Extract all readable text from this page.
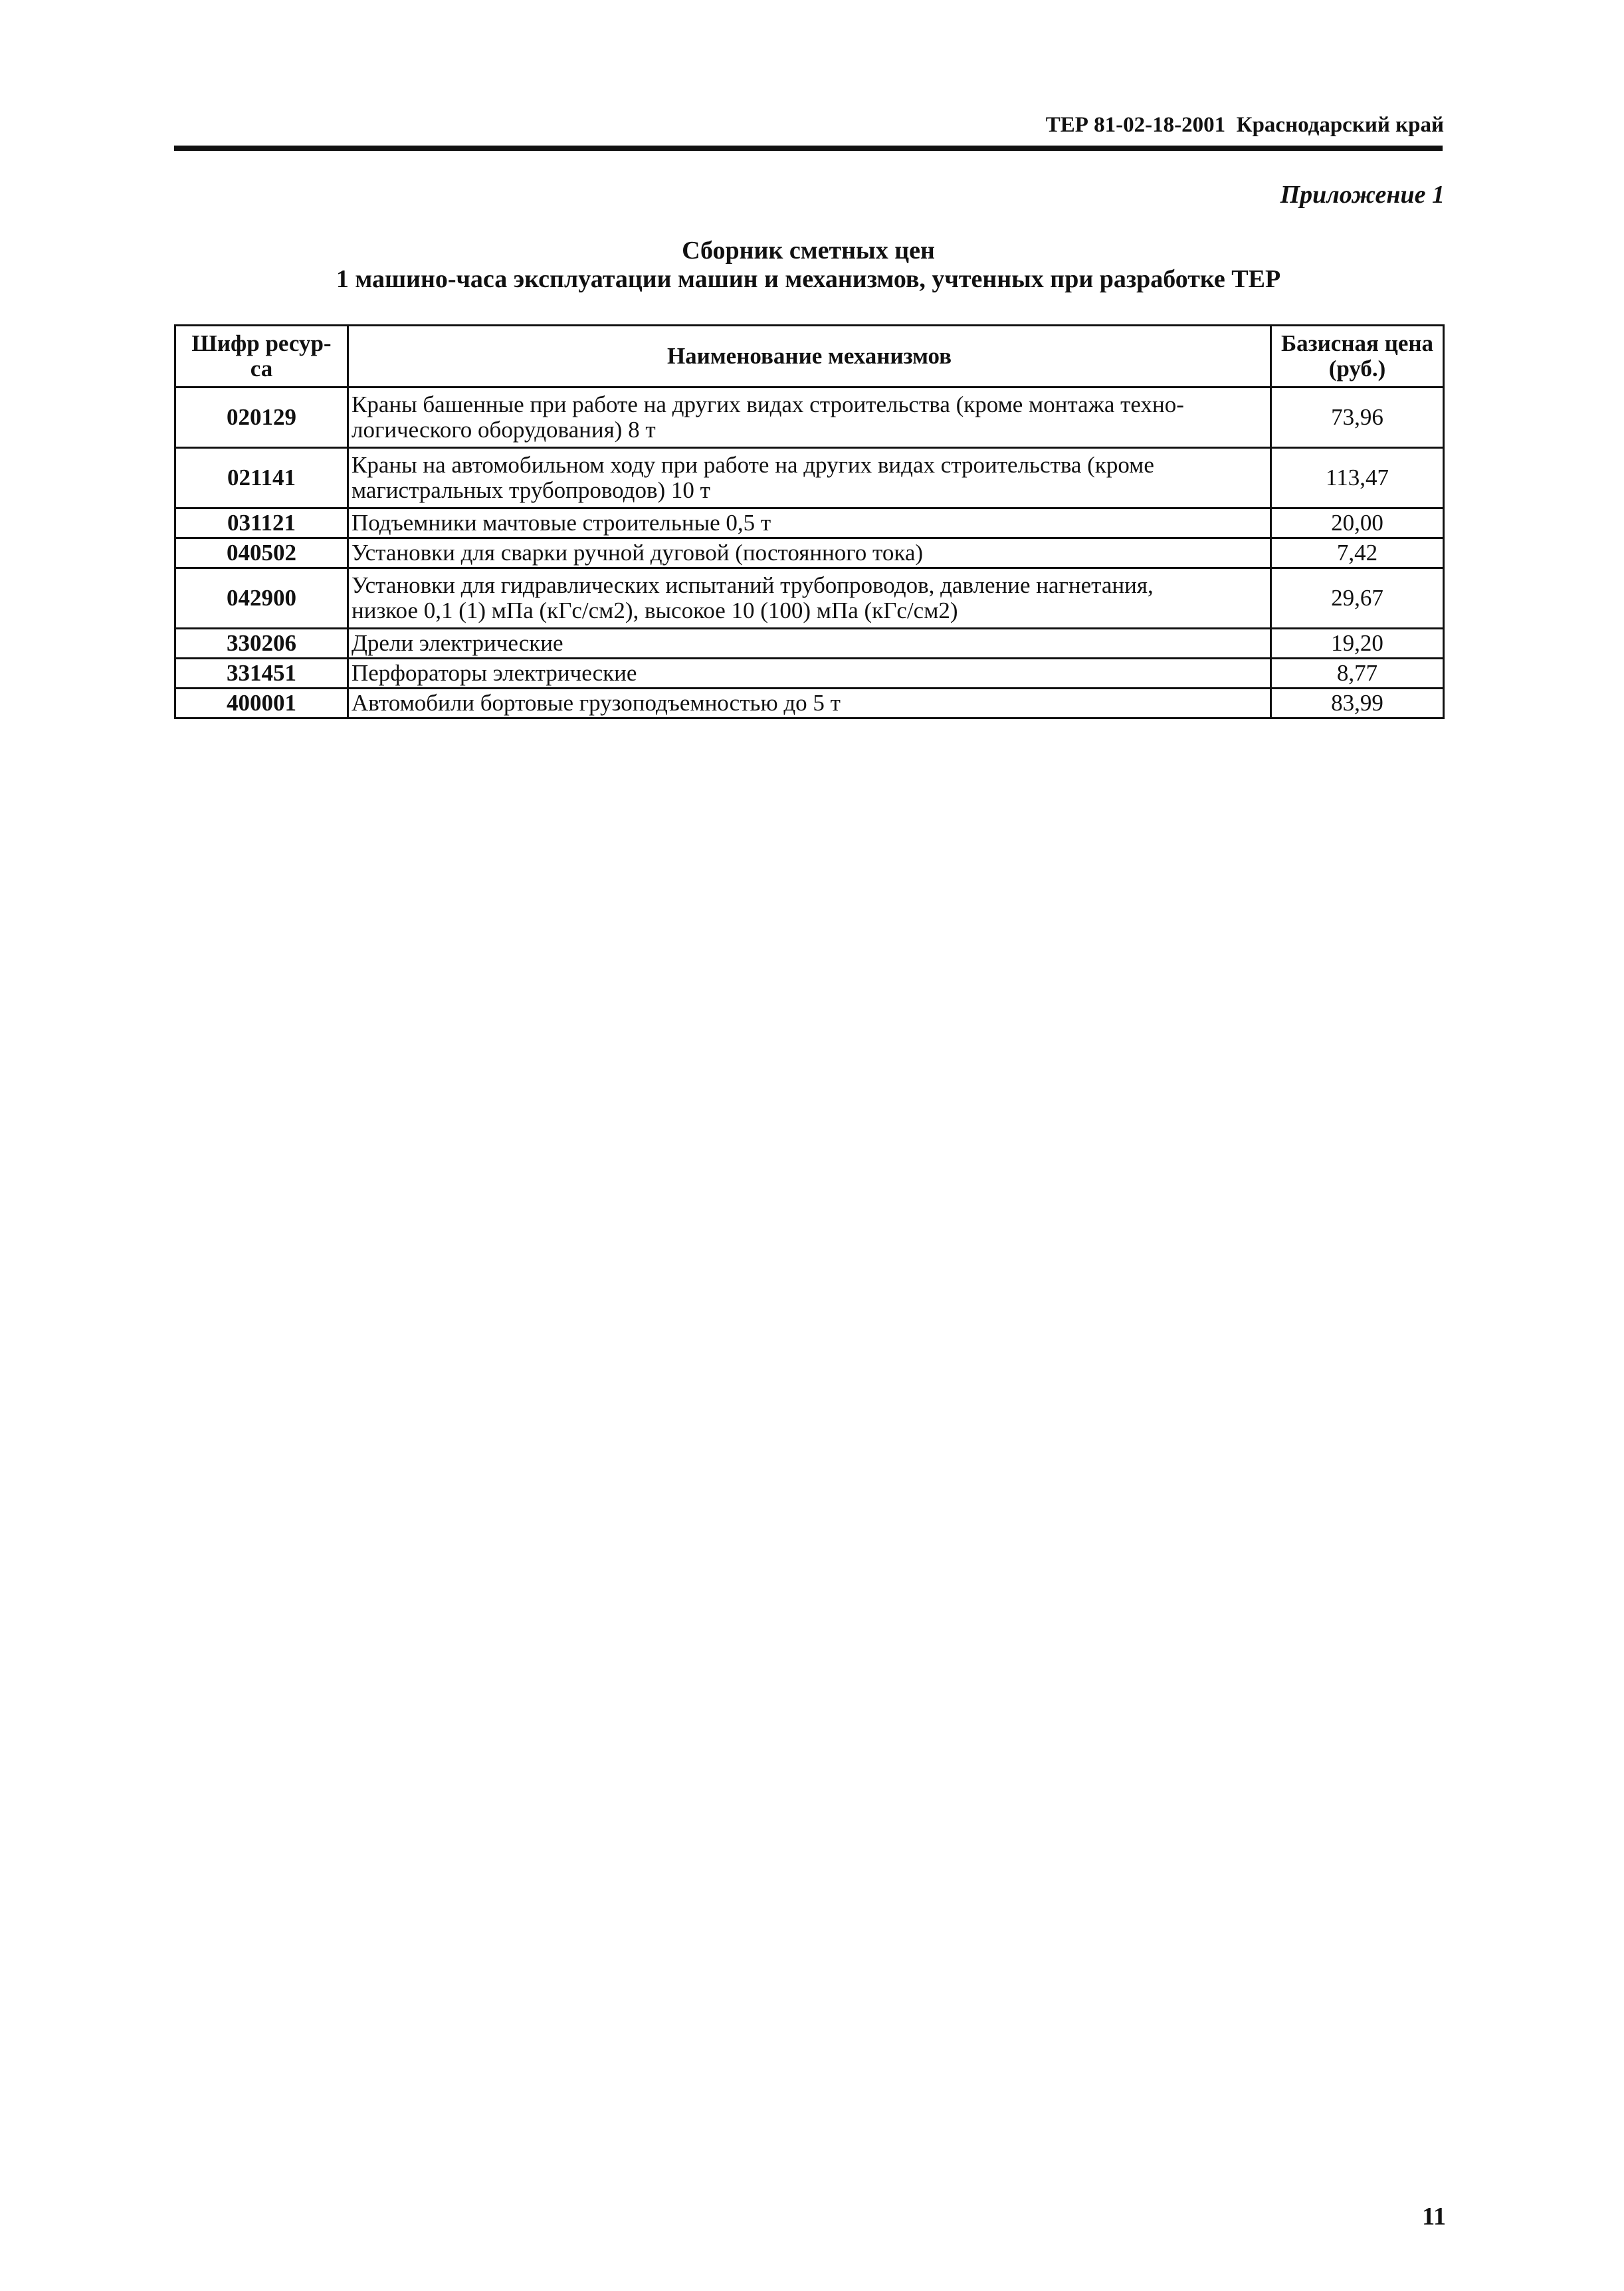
ТЕР 81-02-18-2001 Краснодарский край
Приложение 1
Сборник сметных цен
1 машино-часа эксплуатации машин и механизмов, учтенных при разработке ТЕР
Шифр ресур-
са	Наименование механизмов	Базисная цена
(руб.)
020129	Краны башенные при работе на других видах строительства (кроме монтажа техно-
логического оборудования) 8 т	73,96
021141	Краны на автомобильном ходу при работе на других видах строительства (кроме
магистральных трубопроводов) 10 т	113,47
031121	Подъемники мачтовые строительные 0,5 т	20,00
040502	Установки для сварки ручной дуговой (постоянного тока)	7,42
042900	Установки для гидравлических испытаний трубопроводов, давление нагнетания,
низкое 0,1 (1) мПа (кГс/см2), высокое 10 (100) мПа (кГс/см2)	29,67
330206	Дрели электрические	19,20
331451	Перфораторы электрические	8,77
400001	Автомобили бортовые грузоподъемностью до 5 т	83,99
11
